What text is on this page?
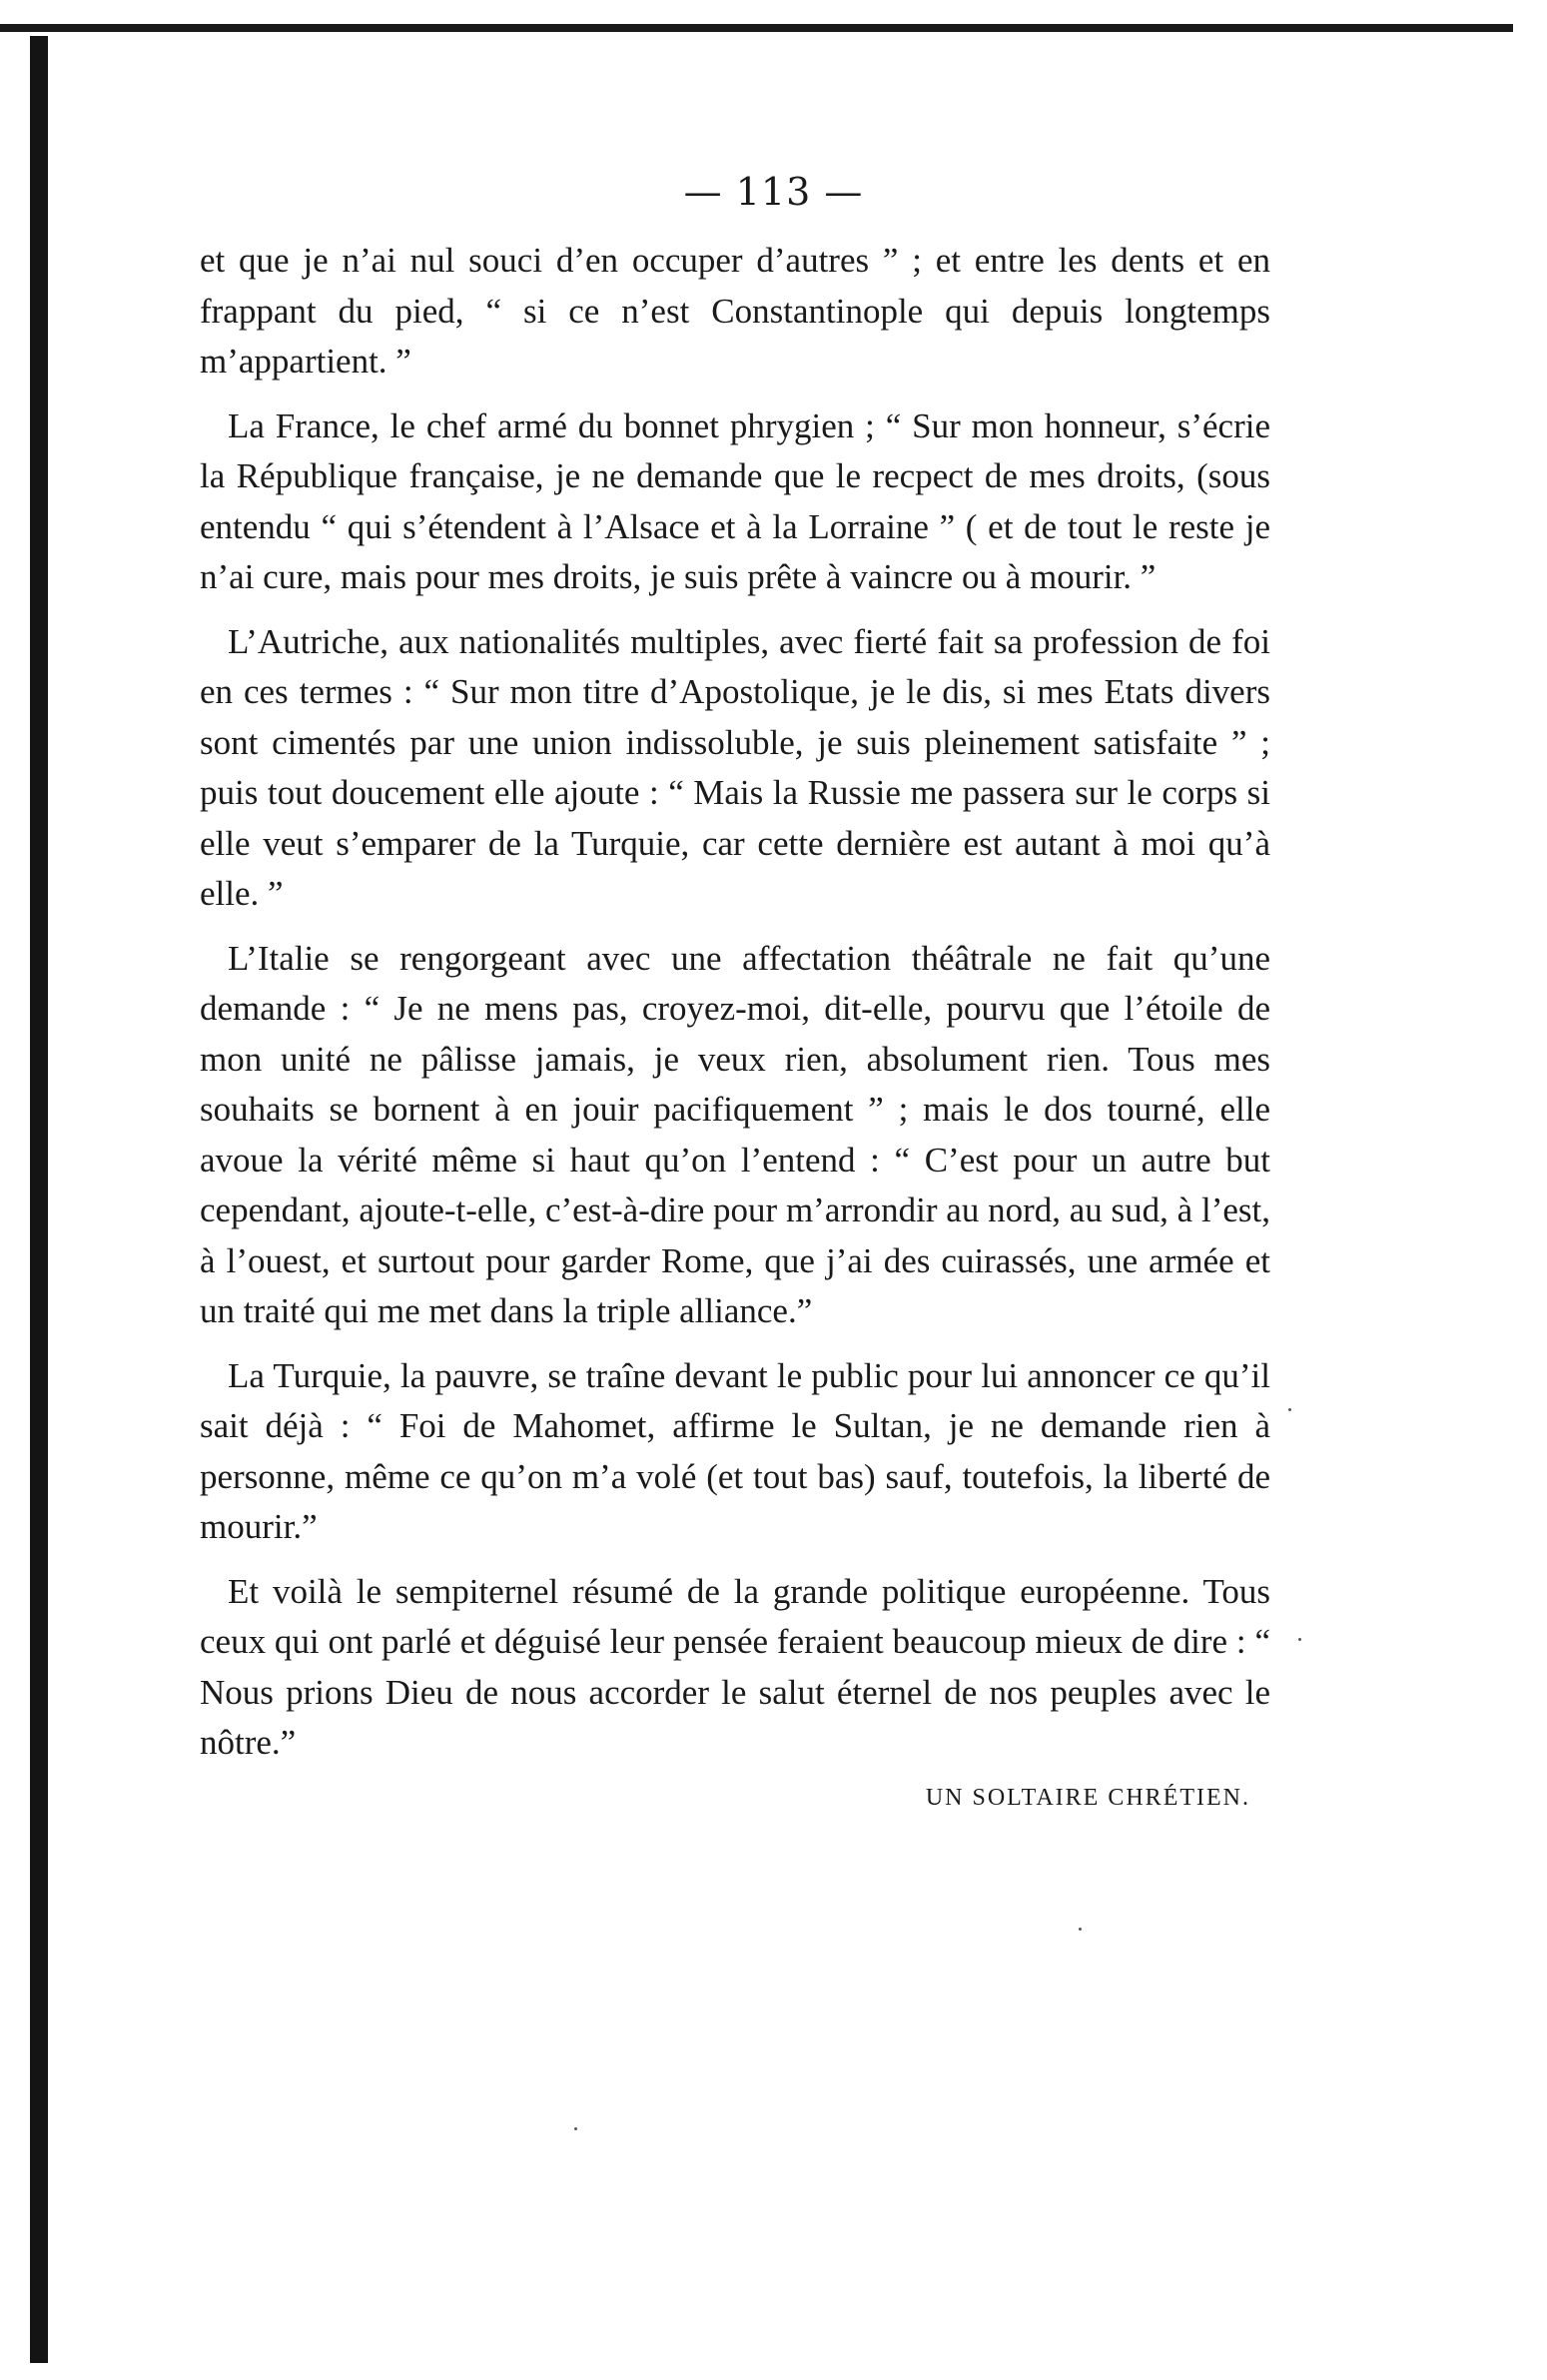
— 113 —

et que je n’ai nul souci d’en occuper d’autres ” ; et entre les dents et en frappant du pied, “ si ce n’est Constantinople qui depuis longtemps m’appartient. ”

La France, le chef armé du bonnet phrygien ; “ Sur mon honneur, s’écrie la République française, je ne demande que le recpect de mes droits, (sous entendu “ qui s’étendent à l’Alsace et à la Lorraine ” ( et de tout le reste je n’ai cure, mais pour mes droits, je suis prête à vaincre ou à mourir. ”

L’Autriche, aux nationalités multiples, avec fierté fait sa profession de foi en ces termes : “ Sur mon titre d’Apostolique, je le dis, si mes Etats divers sont cimentés par une union indissoluble, je suis pleinement satisfaite ” ; puis tout doucement elle ajoute : “ Mais la Russie me passera sur le corps si elle veut s’emparer de la Turquie, car cette dernière est autant à moi qu’à elle. ”

L’Italie se rengorgeant avec une affectation théâtrale ne fait qu’une demande : “ Je ne mens pas, croyez-moi, dit-elle, pourvu que l’étoile de mon unité ne pâlisse jamais, je veux rien, absolument rien. Tous mes souhaits se bornent à en jouir pacifiquement ” ; mais le dos tourné, elle avoue la vérité même si haut qu’on l’entend : “ C’est pour un autre but cependant, ajoute-t-elle, c’est-à-dire pour m’arrondir au nord, au sud, à l’est, à l’ouest, et surtout pour garder Rome, que j’ai des cuirassés, une armée et un traité qui me met dans la triple alliance.”

La Turquie, la pauvre, se traîne devant le public pour lui annoncer ce qu’il sait déjà : “ Foi de Mahomet, affirme le Sultan, je ne demande rien à personne, même ce qu’on m’a volé (et tout bas) sauf, toutefois, la liberté de mourir.”

Et voilà le sempiternel résumé de la grande politique européenne. Tous ceux qui ont parlé et déguisé leur pensée feraient beaucoup mieux de dire : “ Nous prions Dieu de nous accorder le salut éternel de nos peuples avec le nôtre.”

UN SOLTAIRE CHRÉTIEN.
